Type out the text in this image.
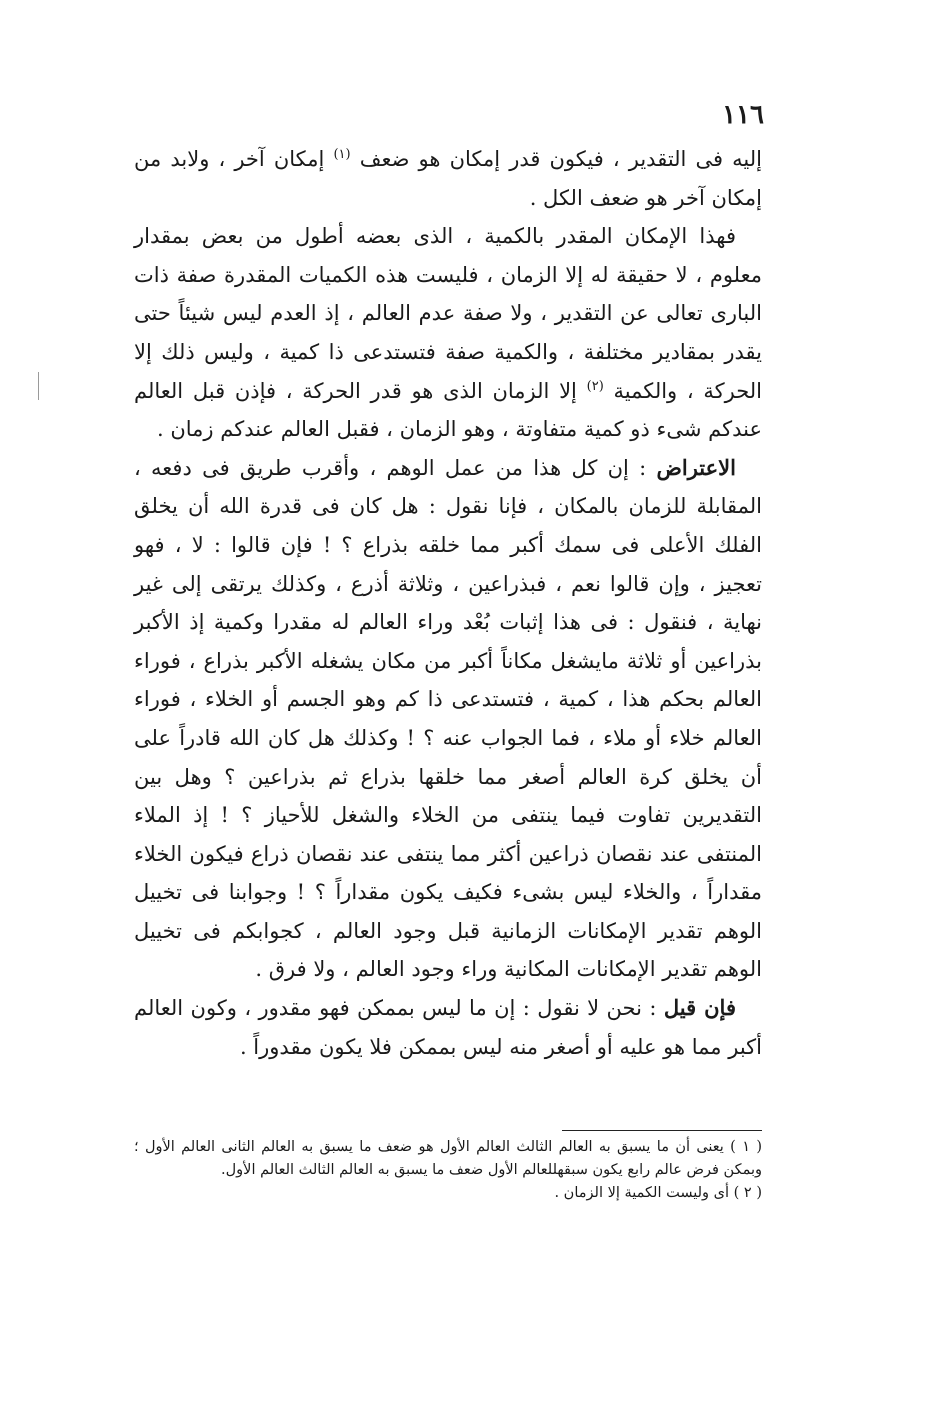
١١٦

إليه فى التقدير ، فيكون قدر إمكان هو ضعف $^{(١)}$ إمكان آخر ، ولابد من إمكان آخر هو ضعف الكل .

فهذا الإمكان المقدر بالكمية ، الذى بعضه أطول من بعض بمقدار معلوم ، لا حقيقة له إلا الزمان ، فليست هذه الكميات المقدرة صفة ذات البارى تعالى عن التقدير ، ولا صفة عدم العالم ، إذ العدم ليس شيئاً حتى يقدر بمقادير مختلفة ، والكمية صفة فتستدعى ذا كمية ، وليس ذلك إلا الحركة ، والكمية $^{(٢)}$ إلا الزمان الذى هو قدر الحركة ، فإذن قبل العالم عندكم شىء ذو كمية متفاوتة ، وهو الزمان ، فقبل العالم عندكم زمان .

الاعتراض : إن كل هذا من عمل الوهم ، وأقرب طريق فى دفعه ، المقابلة للزمان بالمكان ، فإنا نقول : هل كان فى قدرة الله أن يخلق الفلك الأعلى فى سمك أكبر مما خلقه بذراع ؟ ! فإن قالوا : لا ، فهو تعجيز ، وإن قالوا نعم ، فبذراعين ، وثلاثة أذرع ، وكذلك يرتقى إلى غير نهاية ، فنقول : فى هذا إثبات بُعْد وراء العالم له مقدرا وكمية إذ الأكبر بذراعين أو ثلاثة مايشغل مكاناً أكبر من مكان يشغله الأكبر بذراع ، فوراء العالم بحكم هذا ، كمية ، فتستدعى ذا كم وهو الجسم أو الخلاء ، فوراء العالم خلاء أو ملاء ، فما الجواب عنه ؟ ! وكذلك هل كان الله قادراً على أن يخلق كرة العالم أصغر مما خلقها بذراع ثم بذراعين ؟ وهل بين التقديرين تفاوت فيما ينتفى من الخلاء والشغل للأحياز ؟ ! إذ الملاء المنتفى عند نقصان ذراعين أكثر مما ينتفى عند نقصان ذراع فيكون الخلاء مقداراً ، والخلاء ليس بشىء فكيف يكون مقداراً ؟ ! وجوابنا فى تخييل الوهم تقدير الإمكانات الزمانية قبل وجود العالم ، كجوابكم فى تخييل الوهم تقدير الإمكانات المكانية وراء وجود العالم ، ولا فرق .

فإن قيل : نحن لا نقول : إن ما ليس بممكن فهو مقدور ، وكون العالم أكبر مما هو عليه أو أصغر منه ليس بممكن فلا يكون مقدوراً .

( ١ ) يعنى أن ما يسبق به العالم الثالث العالم الأول هو ضعف ما يسبق به العالم الثانى العالم الأول ؛ وبمكن فرض عالم رابع يكون سبقهللعالم الأول ضعف ما يسبق به العالم الثالث العالم الأول.

( ٢ ) أى وليست الكمية إلا الزمان .
